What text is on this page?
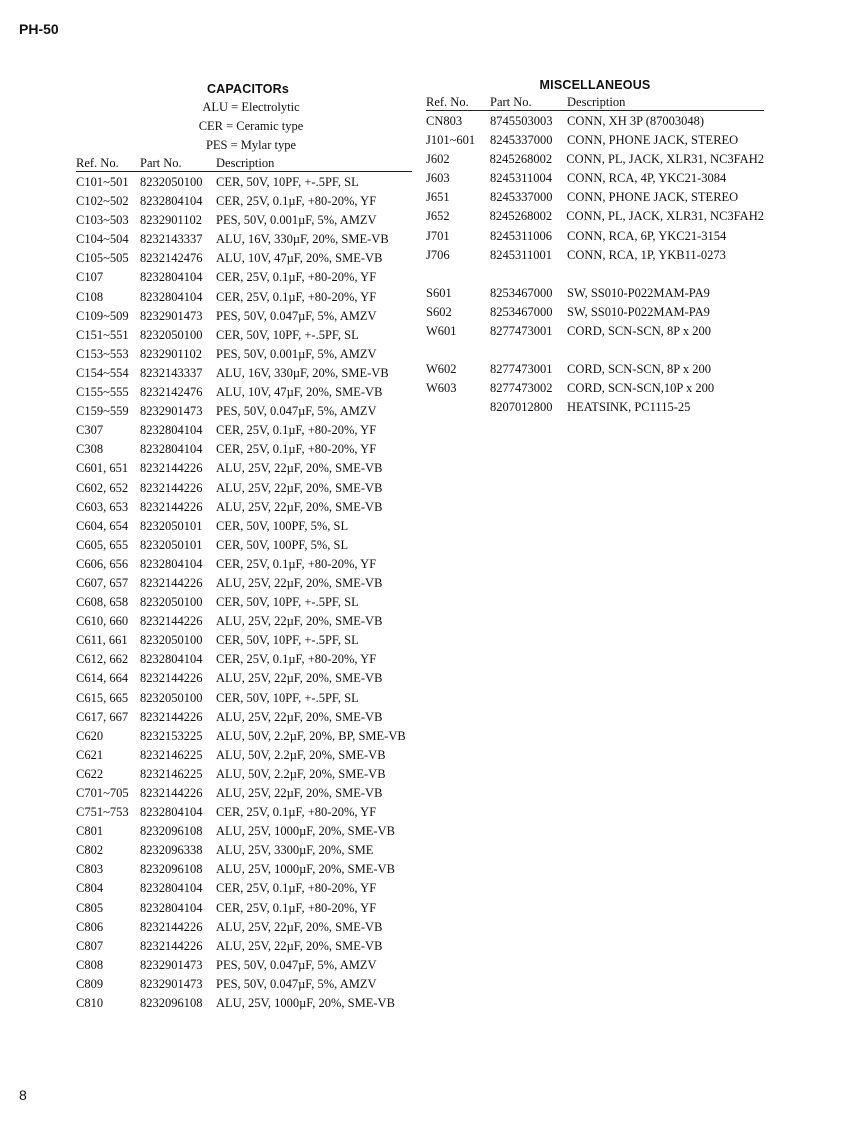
PH-50
CAPACITORs
ALU = Electrolytic
CER = Ceramic type
PES = Mylar type
Ref. No.	Part No.	Description
C101~501 8232050100	CER, 50V, 10PF, +-.5PF, SL
C102~502 8232804104	CER, 25V, 0.1µF, +80-20%, YF
C103~503 8232901102	PES, 50V, 0.001µF, 5%, AMZV
C104~504 8232143337	ALU, 16V, 330µF, 20%, SME-VB
C105~505 8232142476	ALU, 10V, 47µF, 20%, SME-VB
C107	8232804104	CER, 25V, 0.1µF, +80-20%, YF
C108	8232804104	CER, 25V, 0.1µF, +80-20%, YF
C109~509 8232901473	PES, 50V, 0.047µF, 5%, AMZV
C151~551 8232050100	CER, 50V, 10PF, +-.5PF, SL
C153~553 8232901102	PES, 50V, 0.001µF, 5%, AMZV
C154~554 8232143337	ALU, 16V, 330µF, 20%, SME-VB
C155~555 8232142476	ALU, 10V, 47µF, 20%, SME-VB
C159~559 8232901473	PES, 50V, 0.047µF, 5%, AMZV
C307	8232804104	CER, 25V, 0.1µF, +80-20%, YF
C308	8232804104	CER, 25V, 0.1µF, +80-20%, YF
C601, 651 8232144226	ALU, 25V, 22µF, 20%, SME-VB
C602, 652 8232144226	ALU, 25V, 22µF, 20%, SME-VB
C603, 653 8232144226	ALU, 25V, 22µF, 20%, SME-VB
C604, 654 8232050101	CER, 50V, 100PF, 5%, SL
C605, 655 8232050101	CER, 50V, 100PF, 5%, SL
C606, 656 8232804104	CER, 25V, 0.1µF, +80-20%, YF
C607, 657 8232144226	ALU, 25V, 22µF, 20%, SME-VB
C608, 658 8232050100	CER, 50V, 10PF, +-.5PF, SL
C610, 660 8232144226	ALU, 25V, 22µF, 20%, SME-VB
C611, 661 8232050100	CER, 50V, 10PF, +-.5PF, SL
C612, 662 8232804104	CER, 25V, 0.1µF, +80-20%, YF
C614, 664 8232144226	ALU, 25V, 22µF, 20%, SME-VB
C615, 665 8232050100	CER, 50V, 10PF, +-.5PF, SL
C617, 667 8232144226	ALU, 25V, 22µF, 20%, SME-VB
C620	8232153225	ALU, 50V, 2.2µF, 20%, BP, SME-VB
C621	8232146225	ALU, 50V, 2.2µF, 20%, SME-VB
C622	8232146225	ALU, 50V, 2.2µF, 20%, SME-VB
C701~705 8232144226	ALU, 25V, 22µF, 20%, SME-VB
C751~753 8232804104	CER, 25V, 0.1µF, +80-20%, YF
C801	8232096108	ALU, 25V, 1000µF, 20%, SME-VB
C802	8232096338	ALU, 25V, 3300µF, 20%, SME
C803	8232096108	ALU, 25V, 1000µF, 20%, SME-VB
C804	8232804104	CER, 25V, 0.1µF, +80-20%, YF
C805	8232804104	CER, 25V, 0.1µF, +80-20%, YF
C806	8232144226	ALU, 25V, 22µF, 20%, SME-VB
C807	8232144226	ALU, 25V, 22µF, 20%, SME-VB
C808	8232901473	PES, 50V, 0.047µF, 5%, AMZV
C809	8232901473	PES, 50V, 0.047µF, 5%, AMZV
C810	8232096108	ALU, 25V, 1000µF, 20%, SME-VB
MISCELLANEOUS
Ref. No.	Part No.	Description
CN803	8745503003	CONN, XH 3P (87003048)
J101~601	8245337000	CONN, PHONE JACK, STEREO
J602	8245268002	CONN, PL, JACK, XLR31, NC3FAH2
J603	8245311004	CONN, RCA, 4P, YKC21-3084
J651	8245337000	CONN, PHONE JACK, STEREO
J652	8245268002	CONN, PL, JACK, XLR31, NC3FAH2
J701	8245311006	CONN, RCA, 6P, YKC21-3154
J706	8245311001	CONN, RCA, 1P, YKB11-0273
S601	8253467000	SW, SS010-P022MAM-PA9
S602	8253467000	SW, SS010-P022MAM-PA9
W601	8277473001	CORD, SCN-SCN, 8P x 200
W602	8277473001	CORD, SCN-SCN, 8P x 200
W603	8277473002	CORD, SCN-SCN,10P x 200
8207012800	HEATSINK, PC1115-25
8
